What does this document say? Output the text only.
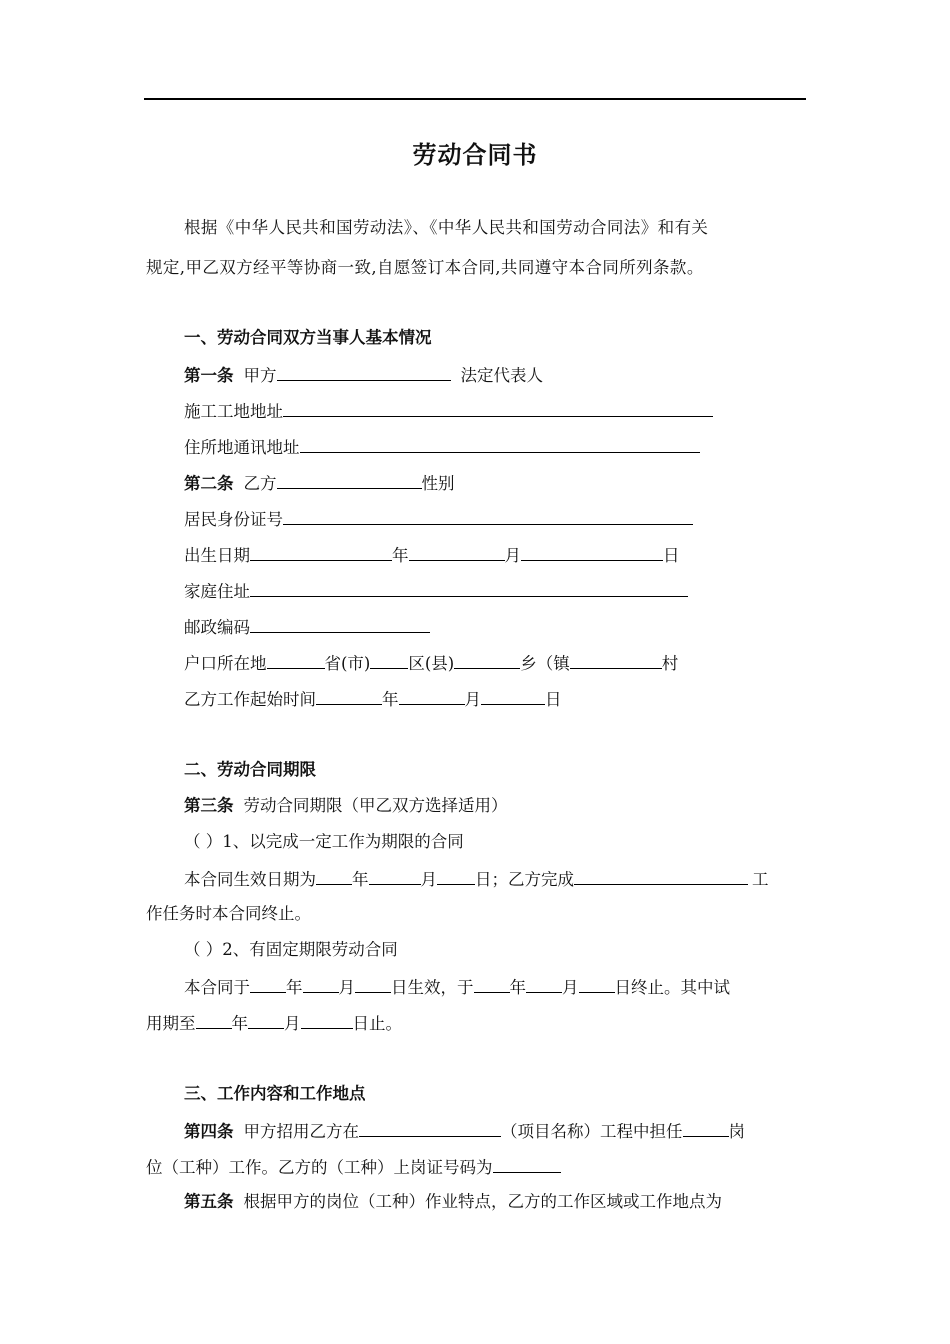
劳动合同书
根据《中华人民共和国劳动法》、《中华人民共和国劳动合同法》和有关
规定,甲乙双方经平等协商一致,自愿签订本合同,共同遵守本合同所列条款。
一、劳动合同双方当事人基本情况
第一条 甲方	法定代表人
施工工地地址
住所地通讯地址
第二条 乙方	性别
居民身份证号
出生日期	年	月	日
家庭住址
邮政编码
户口所在地	省(市) 区(县)	乡（镇	村
乙方工作起始时间	年	月	日
二、劳动合同期限
第三条 劳动合同期限（甲乙双方选择适用）
（ ）1、以完成一定工作为期限的合同
本合同生效日期为 年	月 日；乙方完成	工
作任务时本合同终止。
（ ）2、有固定期限劳动合同
本合同于 年 月 日生效，于 年 月 日终止。其中试
用期至 年 月	日止。
三、工作内容和工作地点
第四条 甲方招用乙方在	（项目名称）工程中担任	岗
位（工种）工作。乙方的（工种）上岗证号码为
第五条 根据甲方的岗位（工种）作业特点，乙方的工作区域或工作地点为
